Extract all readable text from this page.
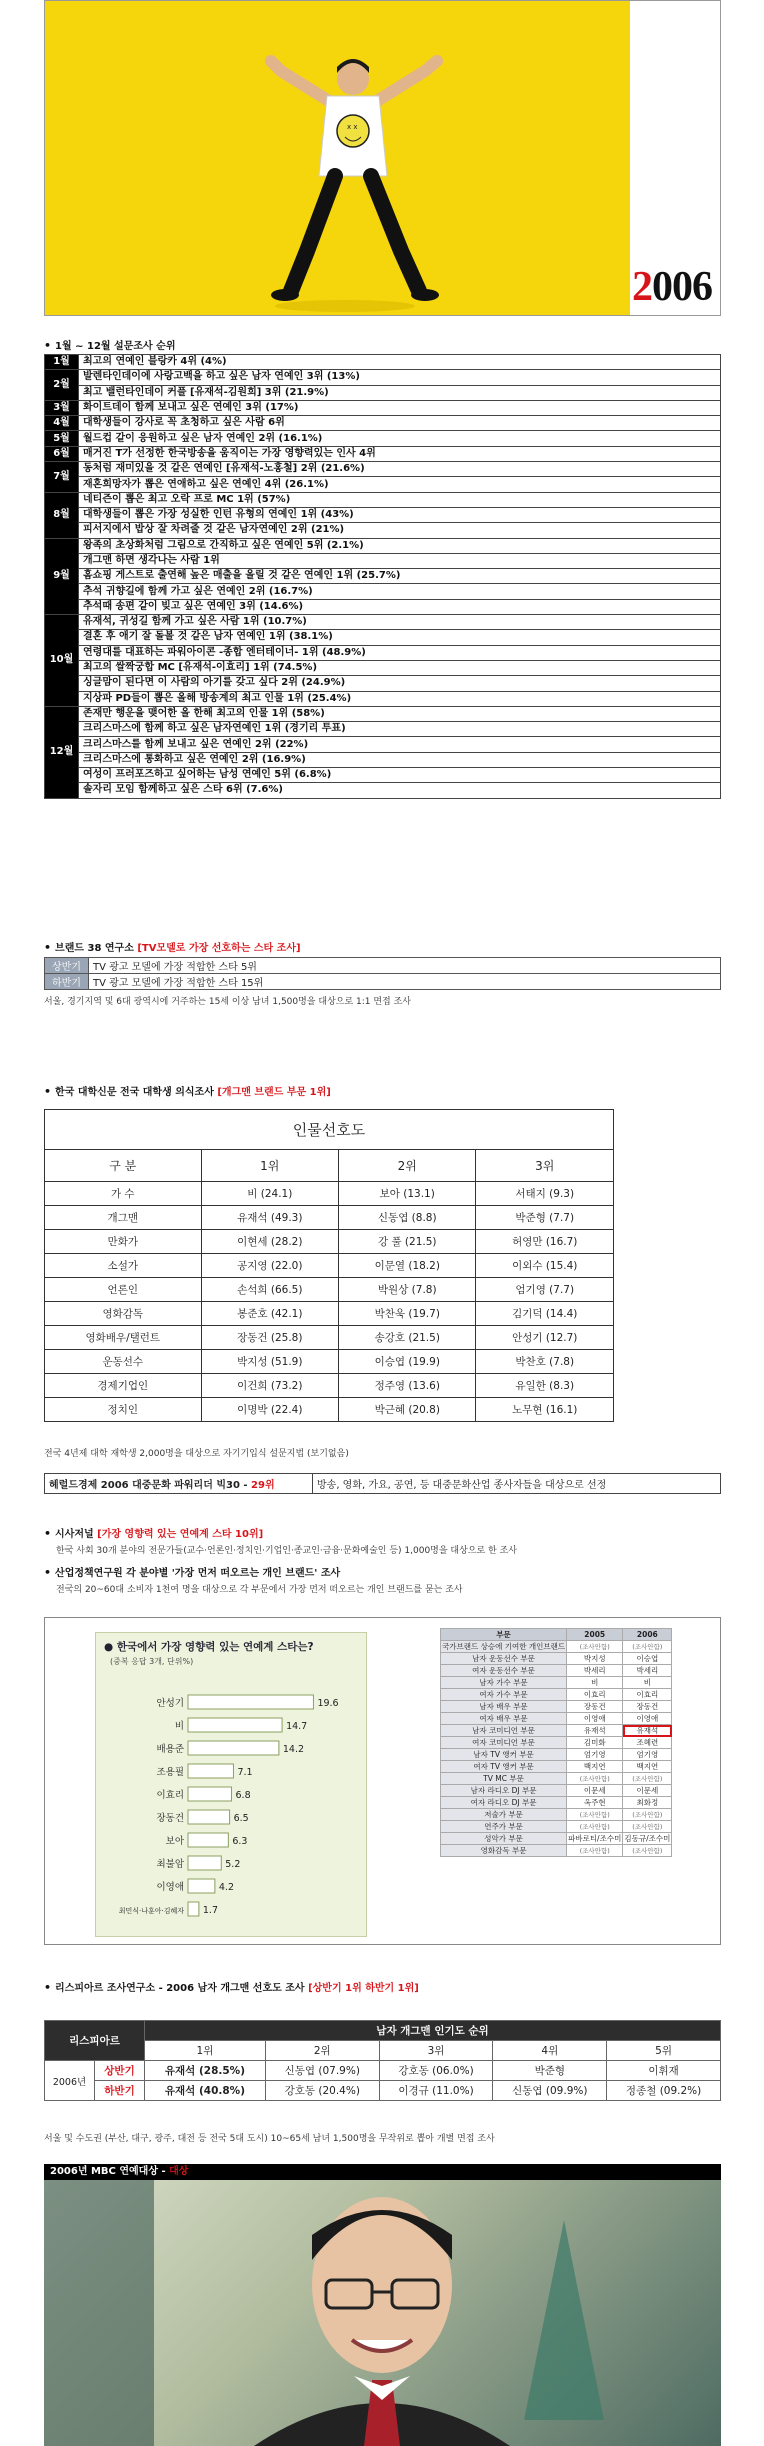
x x
2006
• 1월 ~ 12월 설문조사 순위
1월	최고의 연예인 블랑카 4위 (4%)
2월	발렌타인데이에 사랑고백을 하고 싶은 남자 연예인 3위 (13%)
	최고 밸런타인데이 커플 [유재석-김원희] 3위 (21.9%)
3월	화이트데이 함께 보내고 싶은 연예인 3위 (17%)
4월	대학생들이 강사로 꼭 초청하고 싶은 사람 6위
5월	월드컵 같이 응원하고 싶은 남자 연예인 2위 (16.1%)
6월	매거진 T가 선정한 한국방송을 움직이는 가장 영향력있는 인사 4위
7월	동처럼 재미있을 것 같은 연예인 [유재석-노홍철] 2위 (21.6%)
	재혼희망자가 뽑은 연애하고 싶은 연예인 4위 (26.1%)
8월	네티즌이 뽑은 최고 오락 프로 MC 1위 (57%)
	대학생들이 뽑은 가장 성실한 인턴 유형의 연예인 1위 (43%)
	피서지에서 밥상 잘 차려줄 것 같은 남자연예인 2위 (21%)
9월	왕족의 초상화처럼 그림으로 간직하고 싶은 연예인 5위 (2.1%)
	개그맨 하면 생각나는 사람 1위
	홈쇼핑 게스트로 출연해 높은 매출을 올릴 것 같은 연예인 1위 (25.7%)
	추석 귀향길에 함께 가고 싶은 연예인 2위 (16.7%)
	추석때 송편 같이 빚고 싶은 연예인 3위 (14.6%)
10월	유재석, 귀성길 함께 가고 싶은 사람 1위 (10.7%)
	결혼 후 애기 잘 돌볼 것 같은 남자 연예인 1위 (38.1%)
	연령대를 대표하는 파워아이콘 -종합 엔터테이너- 1위 (48.9%)
	최고의 쌀짝궁합 MC [유재석-이효리] 1위 (74.5%)
	싱글맘이 된다면 이 사람의 아기를 갖고 싶다 2위 (24.9%)
	지상파 PD들이 뽑은 올해 방송계의 최고 인물 1위 (25.4%)
12월	존재만 행운을 맺어한 올 한해 최고의 인물 1위 (58%)
	크리스마스에 함께 하고 싶은 남자연예인 1위 (경기리 투표)
	크리스마스를 함께 보내고 싶은 연예인 2위 (22%)
	크리스마스에 통화하고 싶은 연예인 2위 (16.9%)
	여성이 프러포즈하고 싶어하는 남성 연예인 5위 (6.8%)
	솔자리 모임 함께하고 싶은 스타 6위 (7.6%)
• 브랜드 38 연구소 [TV모델로 가장 선호하는 스타 조사]
상반기	TV 광고 모델에 가장 적합한 스타 5위
하반기	TV 광고 모델에 가장 적합한 스타 15위
서울, 경기지역 및 6대 광역시에 거주하는 15세 이상 남녀 1,500명을 대상으로 1:1 면접 조사
• 한국 대학신문 전국 대학생 의식조사 [개그맨 브랜드 부문 1위]
인물선호도			
구 분	1위	2위	3위
가 수	비 (24.1)	보아 (13.1)	서태지 (9.3)
개그맨	유재석 (49.3)	신동엽 (8.8)	박준형 (7.7)
만화가	이현세 (28.2)	강 풀 (21.5)	허영만 (16.7)
소설가	공지영 (22.0)	이문열 (18.2)	이외수 (15.4)
언론인	손석희 (66.5)	박원상 (7.8)	엄기영 (7.7)
영화감독	봉준호 (42.1)	박찬욱 (19.7)	김기덕 (14.4)
영화배우/탤런트	장동건 (25.8)	송강호 (21.5)	안성기 (12.7)
운동선수	박지성 (51.9)	이승엽 (19.9)	박찬호 (7.8)
경제기업인	이건희 (73.2)	정주영 (13.6)	유일한 (8.3)
정치인	이명박 (22.4)	박근혜 (20.8)	노무현 (16.1)
전국 4년제 대학 재학생 2,000명을 대상으로 자기기입식 설문지법 (보기없음)
헤럴드경제 2006 대중문화 파워리더 빅30 - 29위	방송, 영화, 가요, 공연, 등 대중문화산업 종사자들을 대상으로 선정
• 시사저널 [가장 영향력 있는 연예계 스타 10위]
한국 사회 30개 분야의 전문가들(교수·언론인·정치인·기업인·종교인·금융·문화예술인 등) 1,000명을 대상으로 한 조사
• 산업정책연구원 각 분야별 '가장 먼저 떠오르는 개인 브랜드' 조사
전국의 20~60대 소비자 1천여 명을 대상으로 각 부문에서 가장 먼저 떠오르는 개인 브랜드를 묻는 조사
● 한국에서 가장 영향력 있는 연예계 스타는?
(중복 응답 3개, 단위%)
안성기	19.6
비	14.7
배용준	14.2
조용필	7.1
이효리	6.8
장동건	6.5
보아	6.3
최불암	5.2
이영애	4.2
최민식·나훈아·김혜자 1.7
부문	2005	2006
국가브랜드 상승에 기여한 개인브랜드	(조사안함)	(조사안함)
남자 운동선수 부문	박지성	이승엽
여자 운동선수 부문	박세리	박세리
남자 가수 부문	비	비
여자 가수 부문	이효리	이효리
남자 배우 부문	장동건	장동건
여자 배우 부문	이영애	이영애
남자 코미디언 부문	유재석	유재석
여자 코미디언 부문	김미화	조혜련
남자 TV 앵커 부문	엄기영	엄기영
여자 TV 앵커 부문	백지연	백지연
TV MC 부문	(조사안함)	(조사안함)
남자 라디오 DJ 부문	이문세	이문세
여자 라디오 DJ 부문	옥주현	최화정
저술가 부문	(조사안함)	(조사안함)
연주가 부문	(조사안함)	(조사안함)
성악가 부문	파바로티/조수미	김동규/조수미
영화감독 부문	(조사안함)	(조사안함)
• 리스피아르 조사연구소 - 2006 남자 개그맨 선호도 조사 [상반기 1위 하반기 1위]
리스피아르		남자 개그맨 인기도 순위				
		1위	2위	3위	4위	5위
2006년	상반기	유재석 (28.5%)	신동엽 (07.9%)	강호동 (06.0%)	박준형	이휘재
	하반기	유재석 (40.8%)	강호동 (20.4%)	이경규 (11.0%)	신동엽 (09.9%)	정종철 (09.2%)
서울 및 수도권 (부산, 대구, 광주, 대전 등 전국 5대 도시) 10~65세 남녀 1,500명을 무작위로 뽑아 개별 면접 조사
2006년 MBC 연예대상 - 대상
